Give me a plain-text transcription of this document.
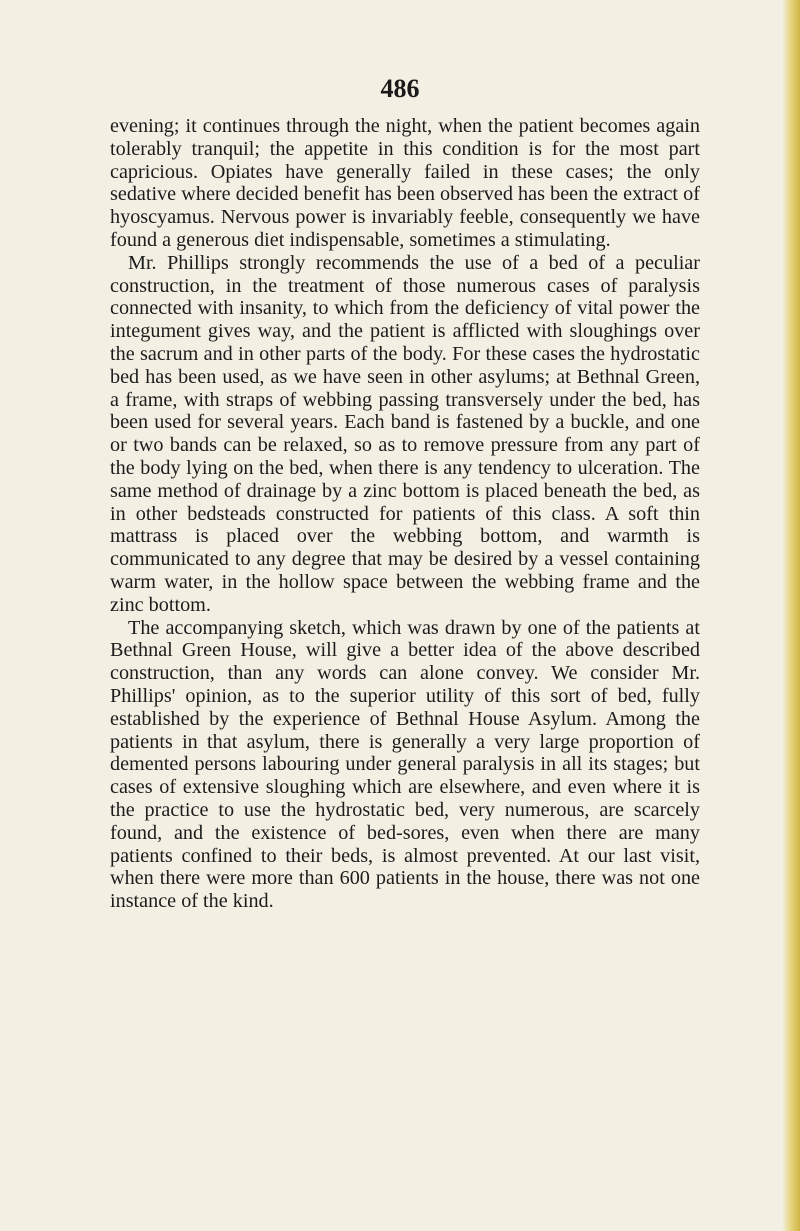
486

evening; it continues through the night, when the patient becomes again tolerably tranquil; the appetite in this condition is for the most part capricious. Opiates have generally failed in these cases; the only sedative where decided benefit has been observed has been the extract of hyoscyamus. Nervous power is invariably feeble, consequently we have found a generous diet indispensable, sometimes a stimulating.

Mr. Phillips strongly recommends the use of a bed of a peculiar construction, in the treatment of those numerous cases of paralysis connected with insanity, to which from the deficiency of vital power the integument gives way, and the patient is afflicted with sloughings over the sacrum and in other parts of the body. For these cases the hydrostatic bed has been used, as we have seen in other asylums; at Bethnal Green, a frame, with straps of webbing passing transversely under the bed, has been used for several years. Each band is fastened by a buckle, and one or two bands can be relaxed, so as to remove pressure from any part of the body lying on the bed, when there is any tendency to ulceration. The same method of drainage by a zinc bottom is placed beneath the bed, as in other bedsteads constructed for patients of this class. A soft thin mattrass is placed over the webbing bottom, and warmth is communicated to any degree that may be desired by a vessel containing warm water, in the hollow space between the webbing frame and the zinc bottom.

The accompanying sketch, which was drawn by one of the patients at Bethnal Green House, will give a better idea of the above described construction, than any words can alone convey. We consider Mr. Phillips' opinion, as to the superior utility of this sort of bed, fully established by the experience of Bethnal House Asylum. Among the patients in that asylum, there is generally a very large proportion of demented persons labouring under general paralysis in all its stages; but cases of extensive sloughing which are elsewhere, and even where it is the practice to use the hydrostatic bed, very numerous, are scarcely found, and the existence of bed-sores, even when there are many patients confined to their beds, is almost prevented. At our last visit, when there were more than 600 patients in the house, there was not one instance of the kind.
